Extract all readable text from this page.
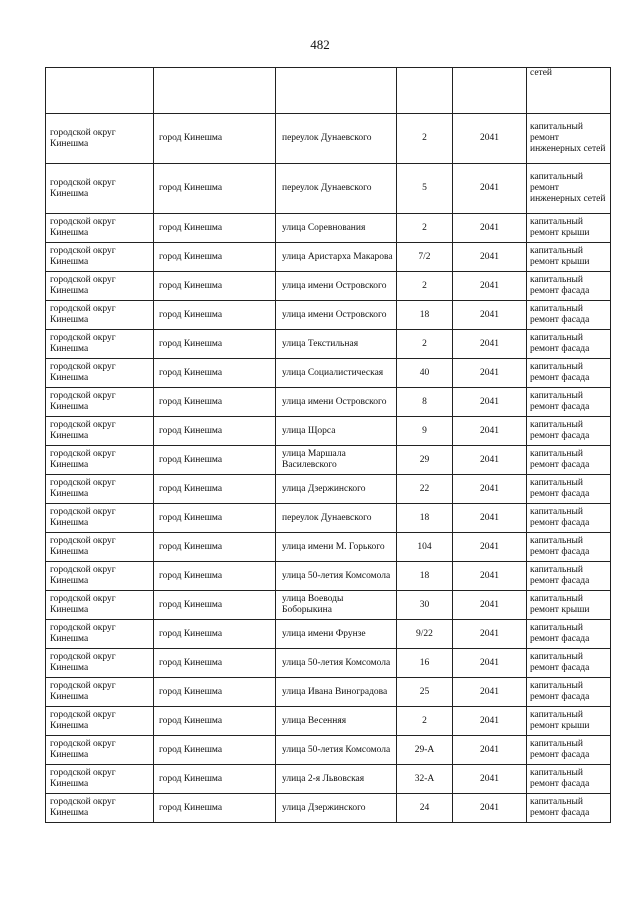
482
					сетей
городской округ Кинешма	город Кинешма	переулок Дунаевского	2	2041	капитальный ремонт инженерных сетей
городской округ Кинешма	город Кинешма	переулок Дунаевского	5	2041	капитальный ремонт инженерных сетей
городской округ Кинешма	город Кинешма	улица Соревнования	2	2041	капитальный ремонт крыши
городской округ Кинешма	город Кинешма	улица Аристарха Макарова	7/2	2041	капитальный ремонт крыши
городской округ Кинешма	город Кинешма	улица имени Островского	2	2041	капитальный ремонт фасада
городской округ Кинешма	город Кинешма	улица имени Островского	18	2041	капитальный ремонт фасада
городской округ Кинешма	город Кинешма	улица Текстильная	2	2041	капитальный ремонт фасада
городской округ Кинешма	город Кинешма	улица Социалистическая	40	2041	капитальный ремонт фасада
городской округ Кинешма	город Кинешма	улица имени Островского	8	2041	капитальный ремонт фасада
городской округ Кинешма	город Кинешма	улица Щорса	9	2041	капитальный ремонт фасада
городской округ Кинешма	город Кинешма	улица Маршала Василевского	29	2041	капитальный ремонт фасада
городской округ Кинешма	город Кинешма	улица Дзержинского	22	2041	капитальный ремонт фасада
городской округ Кинешма	город Кинешма	переулок Дунаевского	18	2041	капитальный ремонт фасада
городской округ Кинешма	город Кинешма	улица имени М. Горького	104	2041	капитальный ремонт фасада
городской округ Кинешма	город Кинешма	улица 50-летия Комсомола	18	2041	капитальный ремонт фасада
городской округ Кинешма	город Кинешма	улица Воеводы Боборыкина	30	2041	капитальный ремонт крыши
городской округ Кинешма	город Кинешма	улица имени Фрунзе	9/22	2041	капитальный ремонт фасада
городской округ Кинешма	город Кинешма	улица 50-летия Комсомола	16	2041	капитальный ремонт фасада
городской округ Кинешма	город Кинешма	улица Ивана Виноградова	25	2041	капитальный ремонт фасада
городской округ Кинешма	город Кинешма	улица Весенняя	2	2041	капитальный ремонт крыши
городской округ Кинешма	город Кинешма	улица 50-летия Комсомола	29-А	2041	капитальный ремонт фасада
городской округ Кинешма	город Кинешма	улица 2-я Львовская	32-А	2041	капитальный ремонт фасада
городской округ Кинешма	город Кинешма	улица Дзержинского	24	2041	капитальный ремонт фасада
